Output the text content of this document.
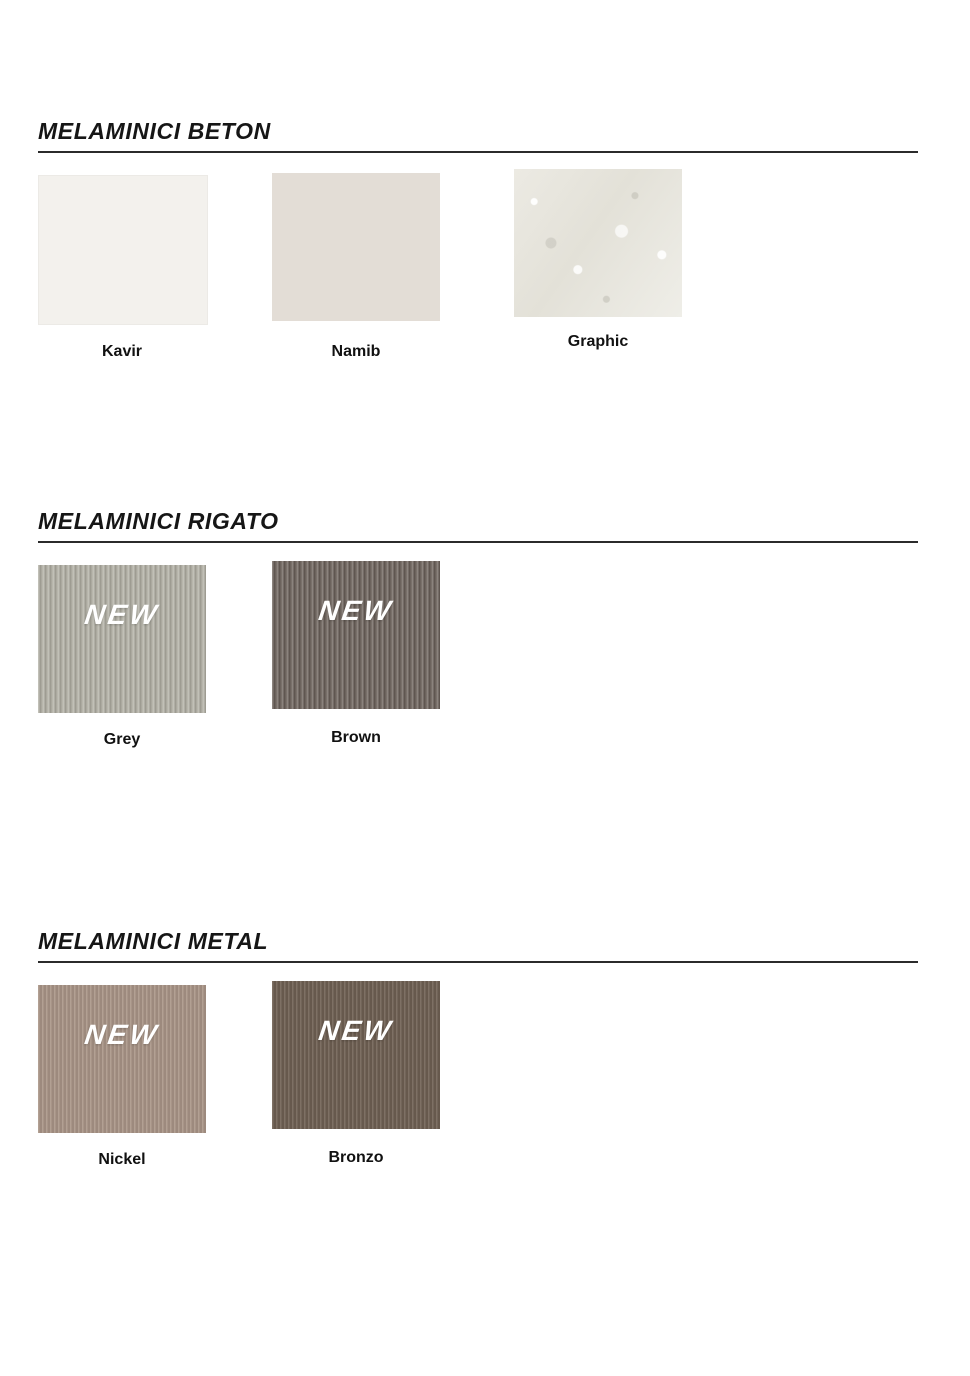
MELAMINICI BETON
Kavir	Namib
Graphic
MELAMINICI RIGATO
NEW
Grey
NEW
Brown
MELAMINICI METAL
NEW
Nickel
NEW
Bronzo
